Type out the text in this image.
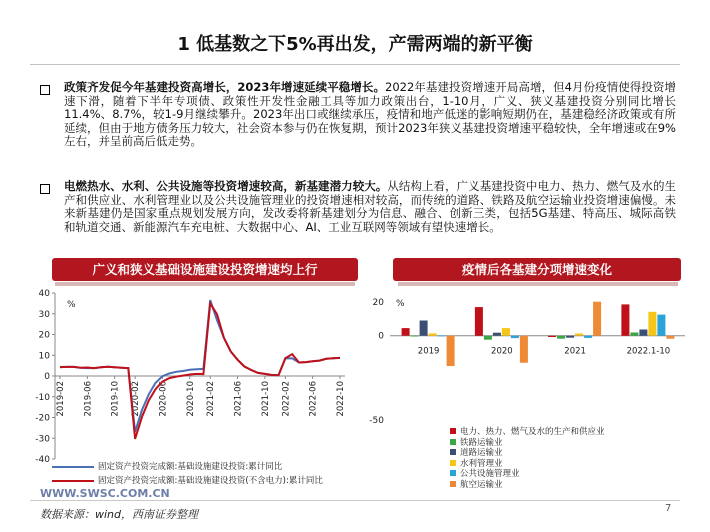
1 低基数之下5%再出发，产需两端的新平衡
政策齐发促今年基建投资高增长，2023年增速延续平稳增长。2022年基建投资增速开局高增，但4月份疫情使得投资增速下滑，随着下半年专项债、政策性开发性金融工具等加力政策出台，1-10月，广义、狭义基建投资分别同比增长11.4%、8.7%，较1-9月继续攀升。2023年出口或继续承压，疫情和地产低迷的影响短期仍在，基建稳经济政策或有所延续，但由于地方债务压力较大，社会资本参与仍在恢复期，预计2023年狭义基建投资增速平稳较快，全年增速或在9%左右，并呈前高后低走势。
电燃热水、水利、公共设施等投资增速较高，新基建潜力较大。从结构上看，广义基建投资中电力、热力、燃气及水的生产和供应业、水利管理业以及公共设施管理业的投资增速相对较高，而传统的道路、铁路及航空运输业投资增速偏慢。未来新基建仍是国家重点规划发展方向，发改委将新基建划分为信息、融合、创新三类，包括5G基建、特高压、城际高铁和轨道交通、新能源汽车充电桩、大数据中心、AI、工业互联网等领域有望快速增长。
广义和狭义基础设施建设投资增速均上行
-40
-30
-20
-10
0
10
20
30
40
%
2019-02 2019-06 2019-10 2020-02 2020-06 2020-10 2021-02 2021-06 2021-10 2022-02 2022-06 2022-10
固定资产投资完成额:基础设施建设投资:累计同比
固定资产投资完成额:基础设施建设投资(不含电力):累计同比
疫情后各基建分项增速变化
-50
0
20 %
2019	2020	2021	2022.1-10
电力、热力、燃气及水的生产和供应业
铁路运输业
道路运输业
水利管理业
公共设施管理业
航空运输业
WWW.SWSC.COM.CN
数据来源：wind，西南证券整理	7
